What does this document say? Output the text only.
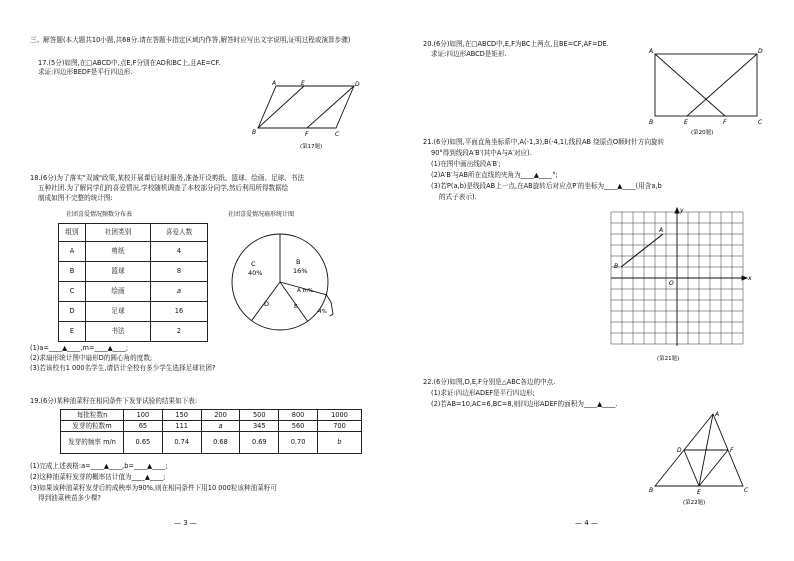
三、解答题(本大题共10小题,共68分.请在答题卡指定区域内作答,解答时应写出文字说明,证明过程或演算步骤)
17.(5分)如图,在□ABCD中,点E,F分别在AD和BC上,且AE=CF.
求证:四边形BEDF是平行四边形.
A	E	D
B	F	C
(第17题)
18.(6分)为了落实"双减"政策,某校开展课后延时服务,准备开设剪纸、篮球、绘画、足球、书法
五种社团.为了解同学们的喜爱情况,学校随机调查了本校部分同学,然后利用所得数据绘
制成如图不完整的统计图:
社团喜爱情况频数分布表	社团喜爱情况扇形统计图
组别	社团类别	喜爱人数
A	剪纸	4
B	篮球	8
C	绘画	a
D	足球	16
E	书法	2
C
40%
B
16%
D
A m%
E
4%
(1)a=____▲____,m=____▲____;
(2)求扇形统计图中扇形D的圆心角的度数;
(3)若该校有1 000名学生,请估计全校有多少学生选择足球社团?
19.(6分)某种油菜籽在相同条件下发芽试验的结果如下表:
每批粒数n	100	150	200	500	800	1000
发芽的粒数m	65	111	a	345	560	700
发芽的频率 m/n	0.65	0.74	0.68	0.69	0.70	b
(1)完成上述表格:a=____▲____,b=____▲____;
(2)这种油菜籽发芽的概率估计值为____▲____;
(3)如果该种油菜籽发芽后的成秧率为90%,则在相同条件下用10 000粒该种油菜籽可
得到油菜秧苗多少棵?
— 3 —
20.(6分)如图,在□ABCD中,E,F为BC上两点,且BE=CF,AF=DE.
求证:四边形ABCD是矩形.	A	D
B	E	F	C
(第20题)
21.(6分)如图,平面直角坐标系中,A(-1,3),B(-4,1),线段AB 绕原点O顺时针方向旋转
90°得到线段A′B′(其中A与A′对应).
(1)在图中画出线段A′B′;
(2)A′B′与AB所在直线的夹角为____▲____°;
(3)若P(a,b)是线段AB上一点,在AB旋转后对应点P′的坐标为____▲____(用含a,b
的式子表示).
A
B
O
x
y
(第21题)
22.(6分)如图,D,E,F分别是△ABC各边的中点.
(1)求证:四边形ADEF是平行四边形;
(2)若AB=10,AC=6,BC=8,则四边形ADEF的面积为____▲____.
A
D	F
B	E	C
(第22题)
— 4 —
